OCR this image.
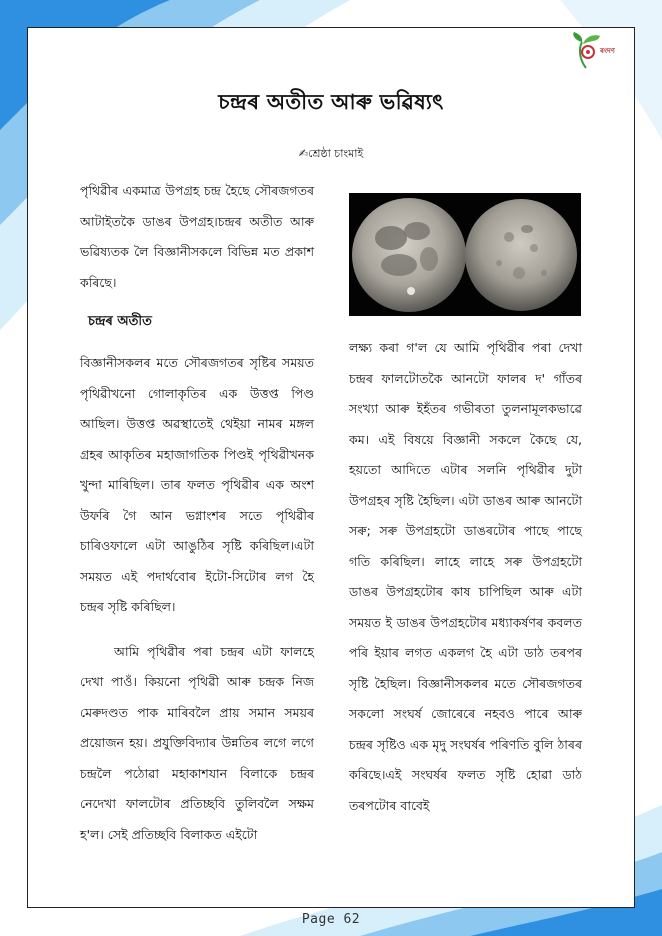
ৰংদণ
চন্দ্ৰৰ অতীত আৰু ভৱিষ্যৎ
✍শ্ৰেষ্ঠা চাংমাই

পৃথিৱীৰ একমাত্ৰ উপগ্ৰহ চন্দ্ৰ হৈছে সৌৰজগতৰ আটাইতকৈ ডাঙৰ উপগ্ৰহ।চন্দ্ৰৰ অতীত আৰু ভৱিষ্যতক লৈ বিজ্ঞানীসকলে বিভিন্ন মত প্ৰকাশ কৰিছে।

চন্দ্ৰৰ অতীত

বিজ্ঞানীসকলৰ মতে সৌৰজগতৰ সৃষ্টিৰ সময়ত পৃথিৱীখনো গোলাকৃতিৰ এক উত্তপ্ত পিণ্ড আছিল। উত্তপ্ত অৱস্থাতেই থেইয়া নামৰ মঙ্গল গ্ৰহৰ আকৃতিৰ মহাজাগতিক পিণ্ডই পৃথিৱীখনক খুন্দা মাৰিছিল। তাৰ ফলত পৃথিৱীৰ এক অংশ উফৰি গৈ আন ভগ্নাংশৰ সতে পৃথিৱীৰ চাৰিওফালে এটা আঙুঠিৰ সৃষ্টি কৰিছিল।এটা সময়ত এই পদাৰ্থবোৰ ইটো-সিটোৰ লগ হৈ চন্দ্ৰৰ সৃষ্টি কৰিছিল।

আমি পৃথিৱীৰ পৰা চন্দ্ৰৰ এটা ফালহে দেখা পাওঁ। কিয়নো পৃথিৱী আৰু চন্দ্ৰক নিজ মেৰুদণ্ডত পাক মাৰিবলৈ প্ৰায় সমান সময়ৰ প্ৰয়োজন হয়। প্ৰযুক্তিবিদ্যাৰ উন্নতিৰ লগে লগে চন্দ্ৰলৈ পঠোৱা মহাকাশযান বিলাকে চন্দ্ৰৰ নেদেখা ফালটোৰ প্ৰতিচ্ছবি তুলিবলৈ সক্ষম হ'ল। সেই প্ৰতিচ্ছবি বিলাকত এইটো

লক্ষ্য কৰা গ'ল যে আমি পৃথিৱীৰ পৰা দেখা চন্দ্ৰৰ ফালটোতকৈ আনটো ফালৰ দ' গাঁতৰ সংখ্যা আৰু ইহঁতৰ গভীৰতা তুলনামূলকভাৱে কম। এই বিষয়ে বিজ্ঞানী সকলে কৈছে যে, হয়তো আদিতে এটাৰ সলনি পৃথিৱীৰ দুটা উপগ্ৰহৰ সৃষ্টি হৈছিল। এটা ডাঙৰ আৰু আনটো সৰু; সৰু উপগ্ৰহটো ডাঙৰটোৰ পাছে পাছে গতি কৰিছিল। লাহে লাহে সৰু উপগ্ৰহটো ডাঙৰ উপগ্ৰহটোৰ কাষ চাপিছিল আৰু এটা সময়ত ই ডাঙৰ উপগ্ৰহটোৰ মধ্যাকৰ্ষণৰ কবলত পৰি ইয়াৰ লগত একলগ হৈ এটা ডাঠ তৰপৰ সৃষ্টি হৈছিল। বিজ্ঞানীসকলৰ মতে সৌৰজগতৰ সকলো সংঘৰ্ষ জোৰেৰে নহবও পাৰে আৰু চন্দ্ৰৰ সৃষ্টিও এক মৃদু সংঘৰ্ষৰ পৰিণতি বুলি ঠাৰৰ কৰিছে।এই সংঘৰ্ষৰ ফলত সৃষ্টি হোৱা ডাঠ তৰপটোৰ বাবেই

Page 62
